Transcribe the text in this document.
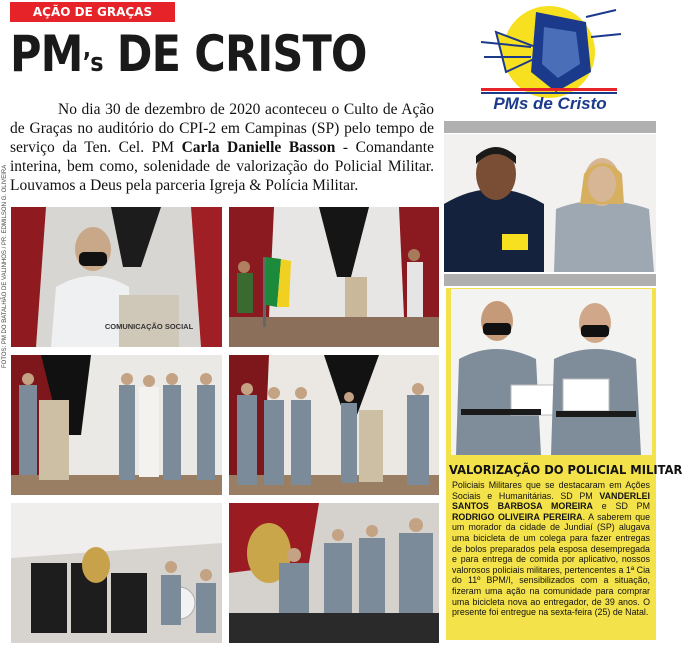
AÇÃO DE GRAÇAS
PM’s DE CRISTO
No dia 30 de dezembro de 2020 aconteceu o Culto de Ação de Graças no auditório do CPI-2 em Campinas (SP) pelo tempo de serviço da Ten. Cel. PM Carla Danielle Basson - Comandante interina, bem como, solenidade de valorização do Policial Militar. Louvamos a Deus pela parceria Igreja & Polícia Militar.
FOTOS: PM DO BATALHÃO DE VALINHOS / PR. EDMILSON G. OLIVEIRA	COMUNICAÇÃO SOCIAL
PMs de Cristo
VALORIZAÇÃO DO POLICIAL MILITAR
Policiais Militares que se destacaram em Ações Sociais e Humanitárias. SD PM VANDERLEI SANTOS BARBOSA MOREIRA e SD PM RODRIGO OLIVEIRA PEREIRA. A saberem que um morador da cidade de Jundiaí (SP) alugava uma bicicleta de um colega para fazer entregas de bolos preparados pela esposa desempregada e para entrega de comida por aplicativo, nossos valorosos policiais militares, pertencentes a 1ª Cia do 11º BPM/I, sensibilizados com a situação, fizeram uma ação na comunidade para comprar uma bicicleta nova ao entregador, de 39 anos. O presente foi entregue na sexta-feira (25) de Natal.
